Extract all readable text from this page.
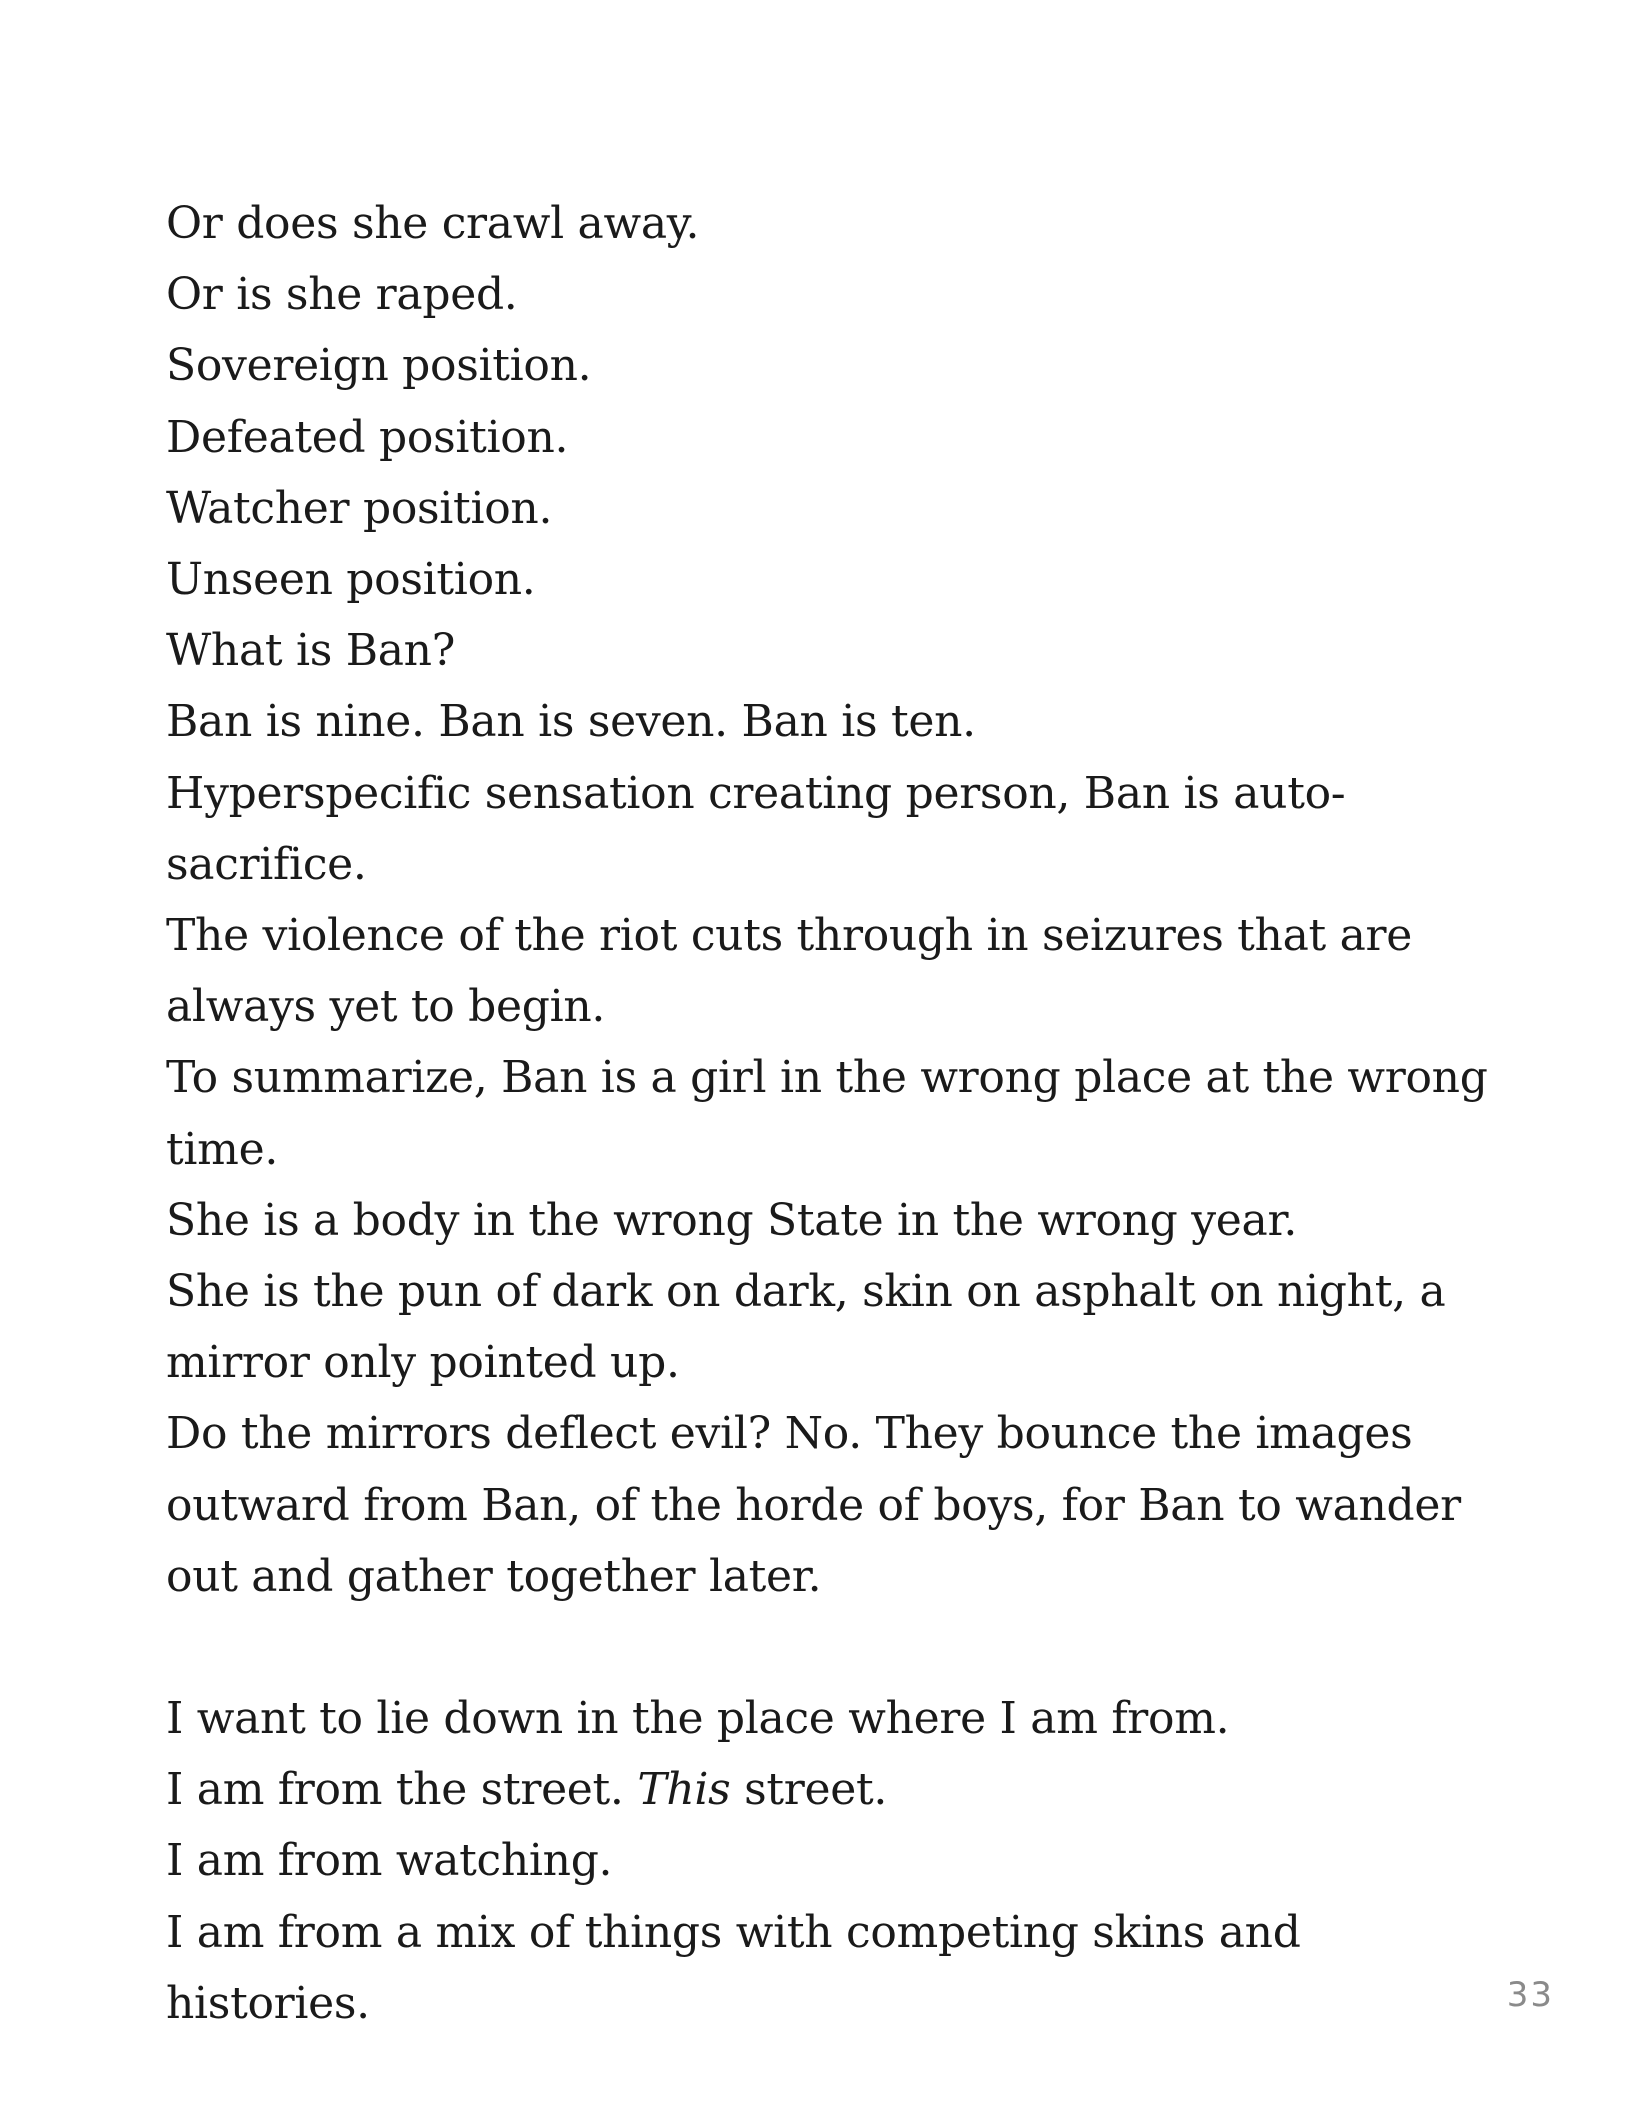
Or does she crawl away.

Or is she raped.

Sovereign position.

Defeated position.

Watcher position.

Unseen position.

What is Ban?

Ban is nine. Ban is seven. Ban is ten.

Hyperspecific sensation creating person, Ban is auto-sacrifice.

The violence of the riot cuts through in seizures that are always yet to begin.

To summarize, Ban is a girl in the wrong place at the wrong time.

She is a body in the wrong State in the wrong year.

She is the pun of dark on dark, skin on asphalt on night, a mirror only pointed up.

Do the mirrors deflect evil? No. They bounce the images outward from Ban, of the horde of boys, for Ban to wander out and gather together later.

I want to lie down in the place where I am from.

I am from the street. This street.

I am from watching.

I am from a mix of things with competing skins and histories.	33
